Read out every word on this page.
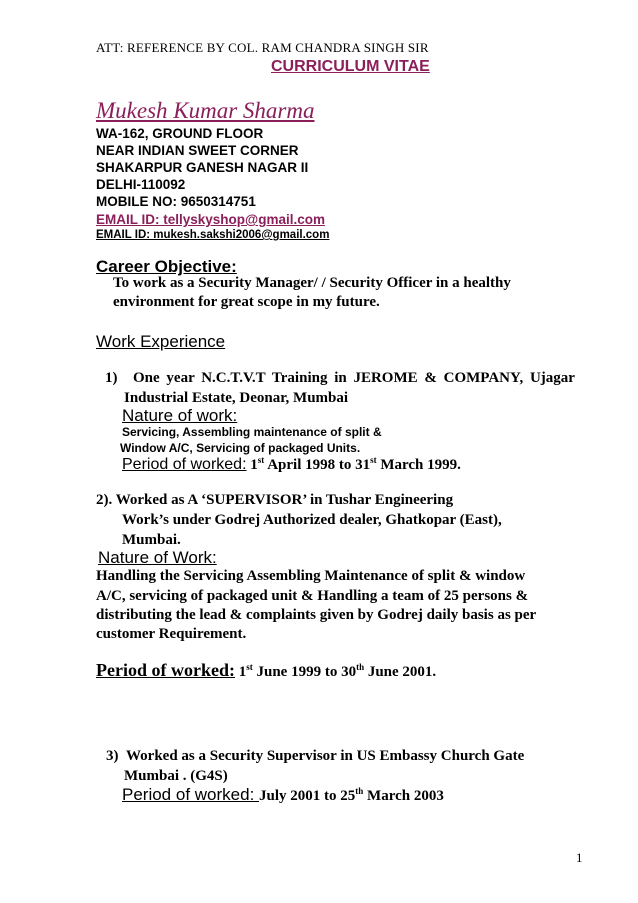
ATT: REFERENCE BY COL. RAM CHANDRA SINGH SIR
CURRICULUM VITAE
Mukesh Kumar Sharma
WA-162, GROUND FLOOR
NEAR INDIAN SWEET CORNER
SHAKARPUR GANESH NAGAR II
DELHI-110092
MOBILE NO: 9650314751
EMAIL ID: tellyskyshop@gmail.com
EMAIL ID: mukesh.sakshi2006@gmail.com
Career Objective:
To work as a Security Manager/ / Security Officer in a healthy
environment for great scope in my future.
Work Experience
1) One year N.C.T.V.T Training in JEROME & COMPANY, Ujagar
Industrial Estate, Deonar, Mumbai
Nature of work:
Servicing, Assembling maintenance of split &
Window A/C, Servicing of packaged Units.
Period of worked: 1st April 1998 to 31st March 1999.
2). Worked as A ‘SUPERVISOR’ in Tushar Engineering
Work’s under Godrej Authorized dealer, Ghatkopar (East),
Mumbai.
Nature of Work:
Handling the Servicing Assembling Maintenance of split & window
A/C, servicing of packaged unit & Handling a team of 25 persons &
distributing the lead & complaints given by Godrej daily basis as per
customer Requirement.
Period of worked: 1st June 1999 to 30th June 2001.
3) Worked as a Security Supervisor in US Embassy Church Gate
Mumbai . (G4S)
Period of worked: July 2001 to 25th March 2003
1
